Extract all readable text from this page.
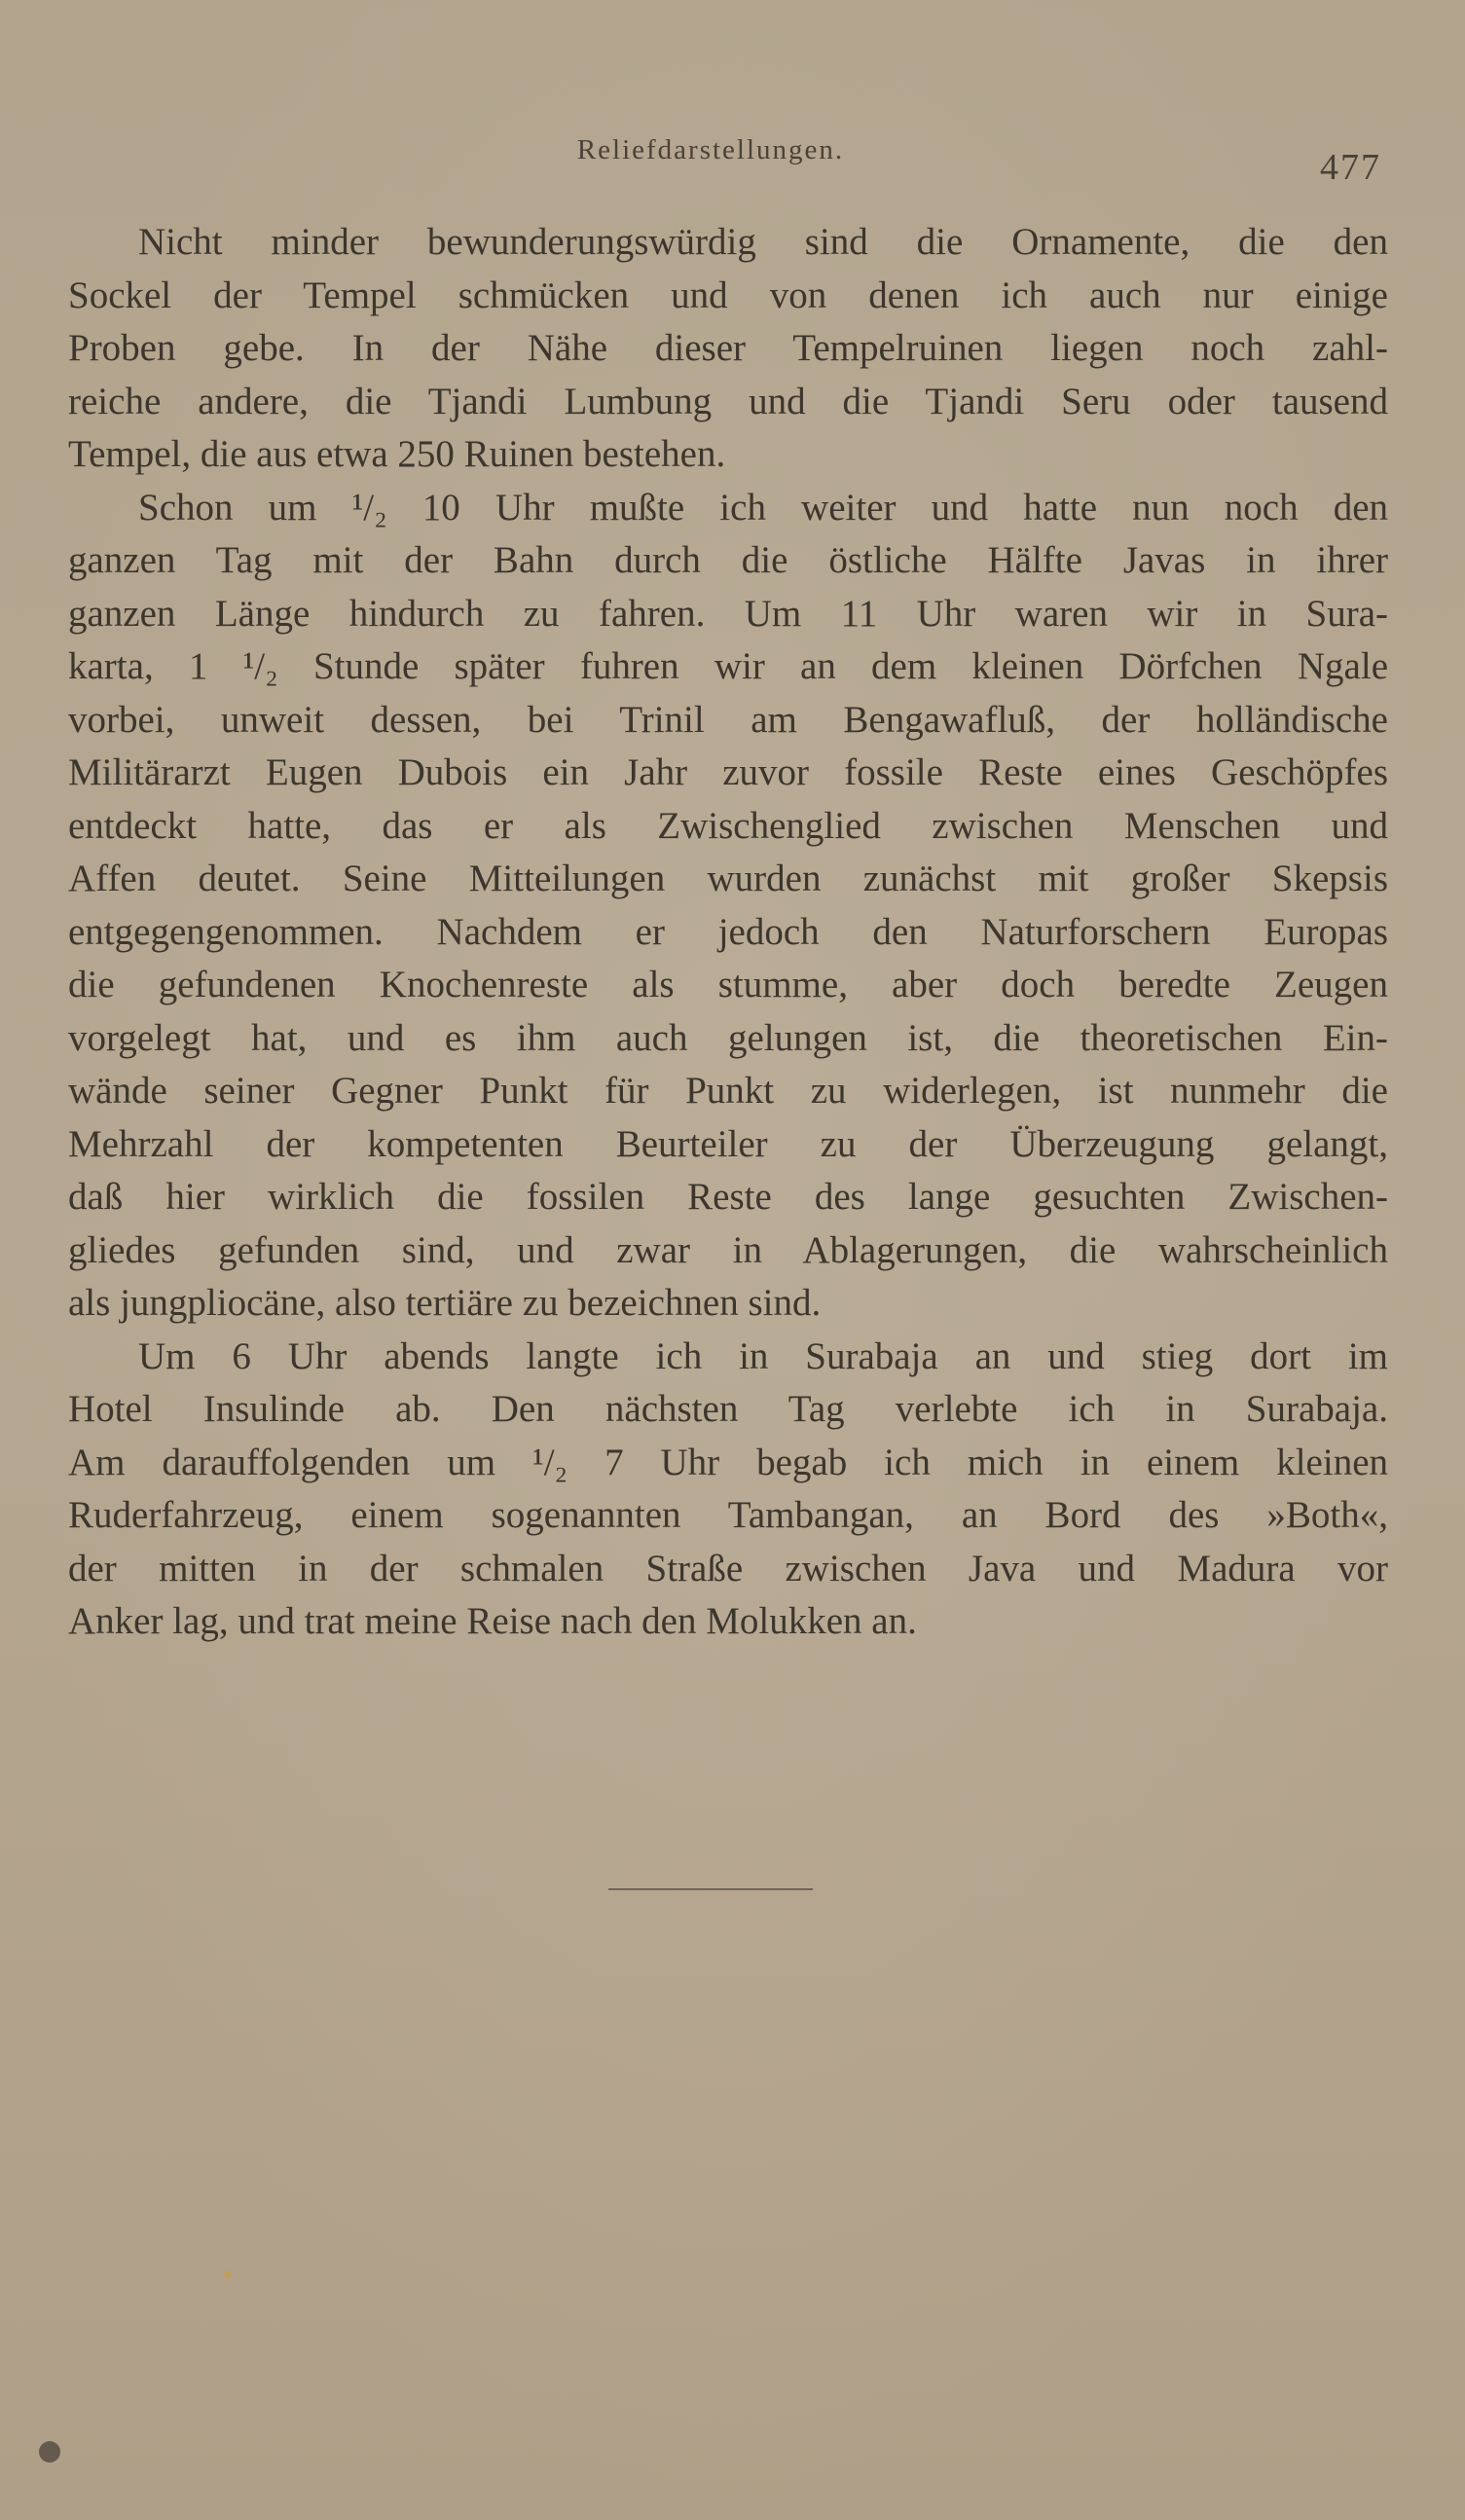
Reliefdarstellungen.	477
Nicht minder bewunderungswürdig sind die Ornamente, die den
Sockel der Tempel schmücken und von denen ich auch nur einige
Proben gebe. In der Nähe dieser Tempelruinen liegen noch zahl-
reiche andere, die Tjandi Lumbung und die Tjandi Seru oder tausend
Tempel, die aus etwa 250 Ruinen bestehen.
Schon um ¹/₂ 10 Uhr mußte ich weiter und hatte nun noch den
ganzen Tag mit der Bahn durch die östliche Hälfte Javas in ihrer
ganzen Länge hindurch zu fahren. Um 11 Uhr waren wir in Sura-
karta, 1 ¹/₂ Stunde später fuhren wir an dem kleinen Dörfchen Ngale
vorbei, unweit dessen, bei Trinil am Bengawafluß, der holländische
Militärarzt Eugen Dubois ein Jahr zuvor fossile Reste eines Geschöpfes
entdeckt hatte, das er als Zwischenglied zwischen Menschen und
Affen deutet. Seine Mitteilungen wurden zunächst mit großer Skepsis
entgegengenommen. Nachdem er jedoch den Naturforschern Europas
die gefundenen Knochenreste als stumme, aber doch beredte Zeugen
vorgelegt hat, und es ihm auch gelungen ist, die theoretischen Ein-
wände seiner Gegner Punkt für Punkt zu widerlegen, ist nunmehr die
Mehrzahl der kompetenten Beurteiler zu der Überzeugung gelangt,
daß hier wirklich die fossilen Reste des lange gesuchten Zwischen-
gliedes gefunden sind, und zwar in Ablagerungen, die wahrscheinlich
als jungpliocäne, also tertiäre zu bezeichnen sind.
Um 6 Uhr abends langte ich in Surabaja an und stieg dort im
Hotel Insulinde ab. Den nächsten Tag verlebte ich in Surabaja.
Am darauffolgenden um ¹/₂ 7 Uhr begab ich mich in einem kleinen
Ruderfahrzeug, einem sogenannten Tambangan, an Bord des »Both«,
der mitten in der schmalen Straße zwischen Java und Madura vor
Anker lag, und trat meine Reise nach den Molukken an.
